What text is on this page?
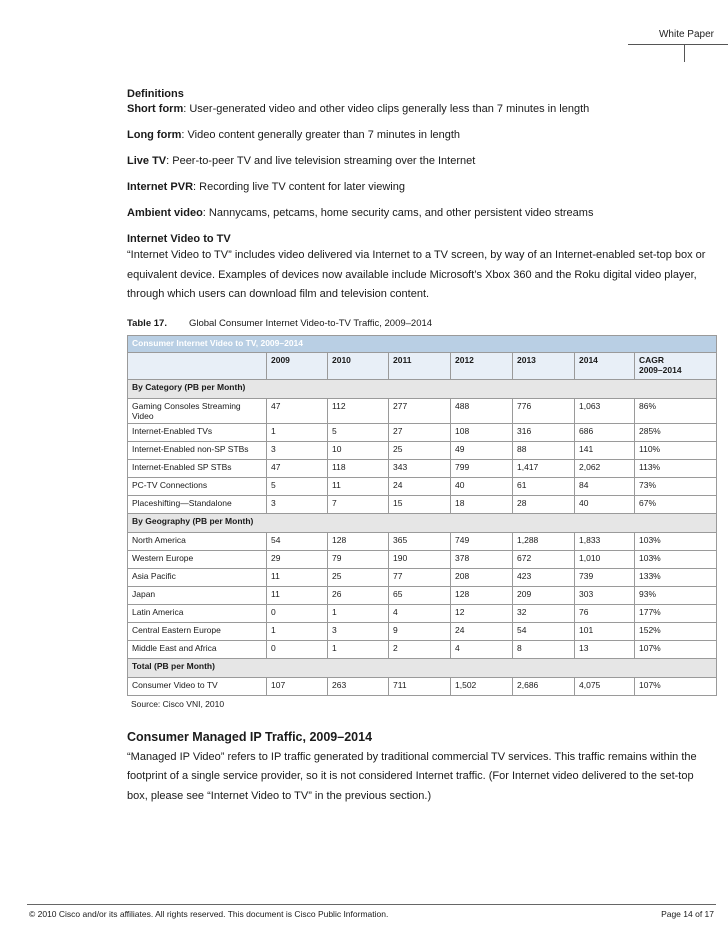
White Paper
Definitions
Short form: User-generated video and other video clips generally less than 7 minutes in length
Long form: Video content generally greater than 7 minutes in length
Live TV: Peer-to-peer TV and live television streaming over the Internet
Internet PVR: Recording live TV content for later viewing
Ambient video: Nannycams, petcams, home security cams, and other persistent video streams
Internet Video to TV

“Internet Video to TV” includes video delivered via Internet to a TV screen, by way of an Internet-enabled set-top box or equivalent device. Examples of devices now available include Microsoft’s Xbox 360 and the Roku digital video player, through which users can download film and television content.

Table 17. Global Consumer Internet Video-to-TV Traffic, 2009–2014
Consumer Internet Video to TV, 2009–2014							
	2009	2010	2011	2012	2013	2014	CAGR
2009–2014
By Category (PB per Month)							
Gaming Consoles Streaming Video	47	112	277	488	776	1,063	86%
Internet-Enabled TVs	1	5	27	108	316	686	285%
Internet-Enabled non-SP STBs	3	10	25	49	88	141	110%
Internet-Enabled SP STBs	47	118	343	799	1,417	2,062	113%
PC-TV Connections	5	11	24	40	61	84	73%
Placeshifting—Standalone	3	7	15	18	28	40	67%
By Geography (PB per Month)							
North America	54	128	365	749	1,288	1,833	103%
Western Europe	29	79	190	378	672	1,010	103%
Asia Pacific	11	25	77	208	423	739	133%
Japan	11	26	65	128	209	303	93%
Latin America	0	1	4	12	32	76	177%
Central Eastern Europe	1	3	9	24	54	101	152%
Middle East and Africa	0	1	2	4	8	13	107%
Total (PB per Month)							
Consumer Video to TV	107	263	711	1,502	2,686	4,075	107%
Source: Cisco VNI, 2010
Consumer Managed IP Traffic, 2009–2014

“Managed IP Video” refers to IP traffic generated by traditional commercial TV services. This traffic remains within the footprint of a single service provider, so it is not considered Internet traffic. (For Internet video delivered to the set-top box, please see “Internet Video to TV” in the previous section.)

© 2010 Cisco and/or its affiliates. All rights reserved. This document is Cisco Public Information.	Page 14 of 17
